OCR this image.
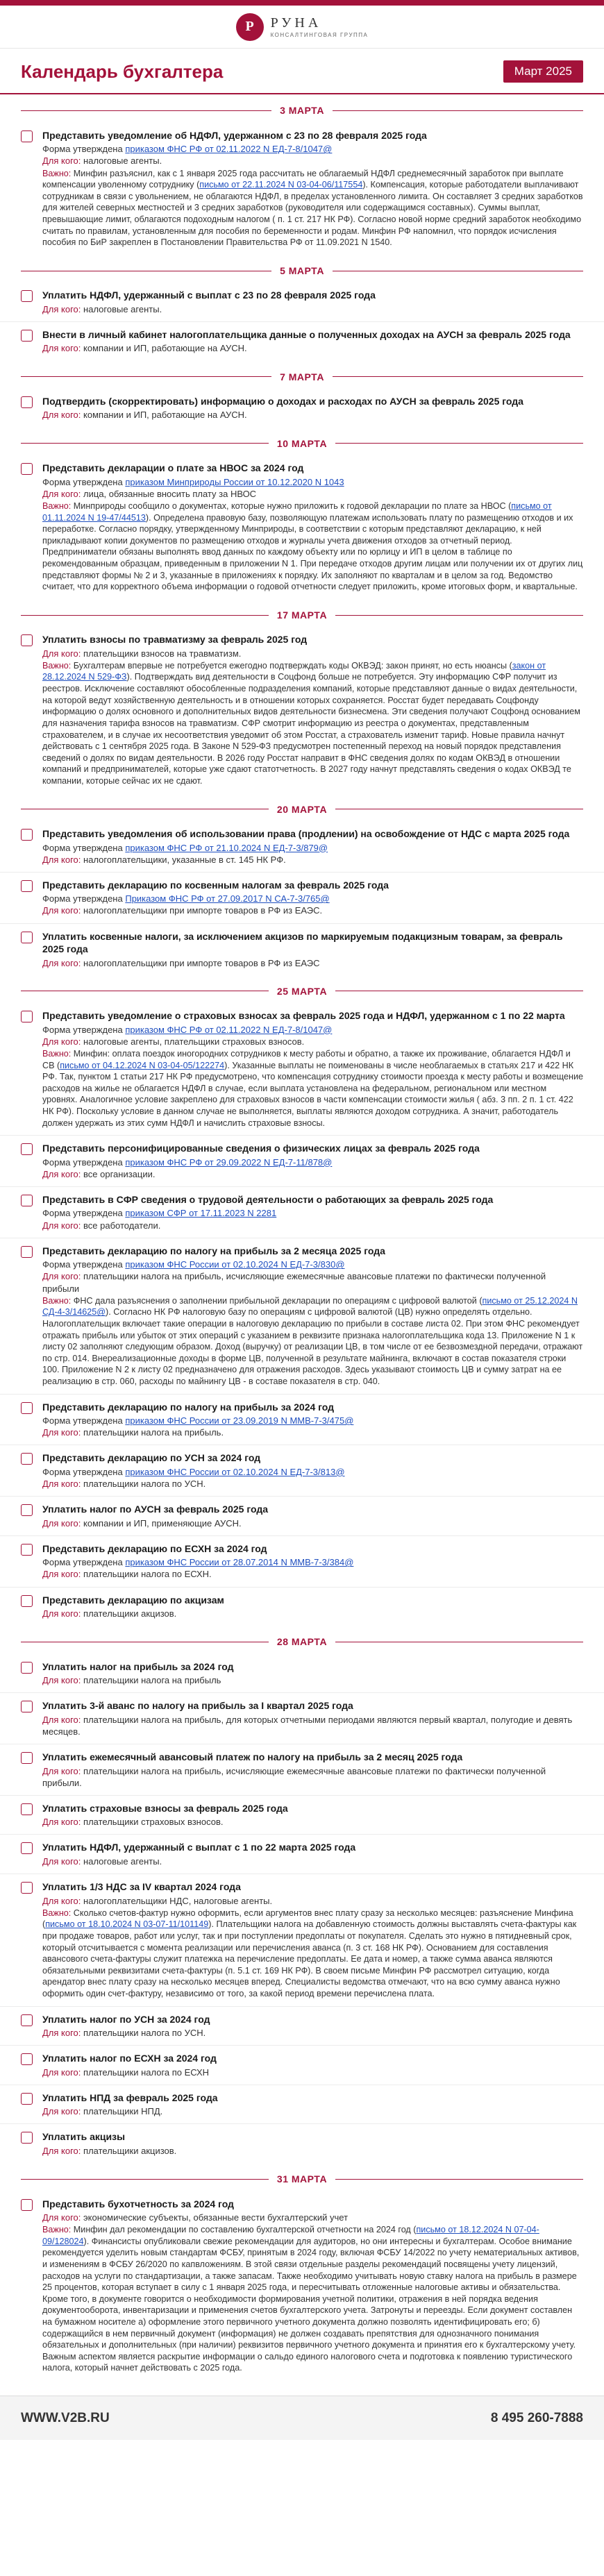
Р	РУНА
КОНСАЛТИНГОВАЯ ГРУППА
Календарь бухгалтера	Март 2025
3 МАРТА
Представить уведомление об НДФЛ, удержанном с 23 по 28 февраля 2025 года
Форма утверждена приказом ФНС РФ от 02.11.2022 N ЕД-7-8/1047@
Для кого: налоговые агенты.
Важно: Минфин разъяснил, как с 1 января 2025 года рассчитать не облагаемый НДФЛ среднемесячный заработок при выплате компенсации уволенному сотруднику (письмо от 22.11.2024 N 03-04-06/117554). Компенсация, которые работодатели выплачивают сотрудникам в связи с увольнением, не облагаются НДФЛ, в пределах установленного лимита. Он составляет 3 средних заработков для жителей северных местностей и 3 средних заработков (руководителя или содержащимся составных). Суммы выплат, превышающие лимит, облагаются подоходным налогом ( п. 1 ст. 217 НК РФ). Согласно новой норме средний заработок необходимо считать по правилам, установленным для пособия по беременности и родам. Минфин РФ напомнил, что порядок исчисления пособия по БиР закреплен в Постановлении Правительства РФ от 11.09.2021 N 1540.
5 МАРТА
Уплатить НДФЛ, удержанный с выплат с 23 по 28 февраля 2025 года
Для кого: налоговые агенты.
Внести в личный кабинет налогоплательщика данные о полученных доходах на АУСН за февраль 2025 года
Для кого: компании и ИП, работающие на АУСН.
7 МАРТА
Подтвердить (скорректировать) информацию о доходах и расходах по АУСН за февраль 2025 года
Для кого: компании и ИП, работающие на АУСН.
10 МАРТА
Представить декларации о плате за НВОС за 2024 год
Форма утверждена приказом Минприроды России от 10.12.2020 N 1043
Для кого: лица, обязанные вносить плату за НВОС
Важно: Минприроды сообщило о документах, которые нужно приложить к годовой декларации по плате за НВОС (письмо от 01.11.2024 N 19-47/44513). Определена правовую базу, позволяющую платежам использовать плату по размещению отходов и их переработке. Согласно порядку, утвержденному Минприроды, в соответствии с которым представляют декларацию, к ней прикладывают копии документов по размещению отходов и журналы учета движения отходов за отчетный период. Предприниматели обязаны выполнять ввод данных по каждому объекту или по юрлицу и ИП в целом в таблице по рекомендованным образцам, приведенным в приложении N 1. При передаче отходов другим лицам или получении их от других лиц представляют формы № 2 и 3, указанные в приложениях к порядку. Их заполняют по кварталам и в целом за год. Ведомство считает, что для корректного объема информации о годовой отчетности следует приложить, кроме итоговых форм, и квартальные.
17 МАРТА
Уплатить взносы по травматизму за февраль 2025 год
Для кого: плательщики взносов на травматизм.
Важно: Бухгалтерам впервые не потребуется ежегодно подтверждать коды ОКВЭД: закон принят, но есть нюансы (закон от 28.12.2024 N 529-ФЗ). Подтверждать вид деятельности в Соцфонд больше не потребуется. Эту информацию СФР получит из реестров. Исключение составляют обособленные подразделения компаний, которые представляют данные о видах деятельности, на которой ведут хозяйственную деятельность и в отношении которых сохраняется. Росстат будет передавать Соцфонду информацию о долях основного и дополнительных видов деятельности бизнесмена. Эти сведения получают Соцфонд основанием для назначения тарифа взносов на травматизм. СФР смотрит информацию из реестра о документах, представленным страхователем, и в случае их несоответствия уведомит об этом Росстат, а страхователь изменит тариф. Новые правила начнут действовать с 1 сентября 2025 года. В Законе N 529-ФЗ предусмотрен постепенный переход на новый порядок представления сведений о долях по видам деятельности. В 2026 году Росстат направит в ФНС сведения долях по кодам ОКВЭД в отношении компаний и предпринимателей, которые уже сдают статотчетность. В 2027 году начнут представлять сведения о кодах ОКВЭД те компании, которые сейчас их не сдают.
20 МАРТА
Представить уведомления об использовании права (продлении) на освобождение от НДС с марта 2025 года
Форма утверждена приказом ФНС РФ от 21.10.2024 N ЕД-7-3/879@
Для кого: налогоплательщики, указанные в ст. 145 НК РФ.
Представить декларацию по косвенным налогам за февраль 2025 года
Форма утверждена Приказом ФНС РФ от 27.09.2017 N СА-7-3/765@
Для кого: налогоплательщики при импорте товаров в РФ из ЕАЭС.
Уплатить косвенные налоги, за исключением акцизов по маркируемым подакцизным товарам, за февраль 2025 года
Для кого: налогоплательщики при импорте товаров в РФ из ЕАЭС
25 МАРТА
Представить уведомление о страховых взносах за февраль 2025 года и НДФЛ, удержанном с 1 по 22 марта
Форма утверждена приказом ФНС РФ от 02.11.2022 N ЕД-7-8/1047@
Для кого: налоговые агенты, плательщики страховых взносов.
Важно: Минфин: оплата поездок иногородних сотрудников к месту работы и обратно, а также их проживание, облагается НДФЛ и СВ (письмо от 04.12.2024 N 03-04-05/122274). Указанные выплаты не поименованы в числе необлагаемых в статьях 217 и 422 НК РФ. Так, пунктом 1 статьи 217 НК РФ предусмотрено, что компенсация сотруднику стоимости проезда к месту работы и возмещение расходов на жилье не облагается НДФЛ в случае, если выплата установлена на федеральном, региональном или местном уровнях. Аналогичное условие закреплено для страховых взносов в части компенсации стоимости жилья ( абз. 3 пп. 2 п. 1 ст. 422 НК РФ). Поскольку условие в данном случае не выполняется, выплаты являются доходом сотрудника. А значит, работодатель должен удержать из этих сумм НДФЛ и начислить страховые взносы.
Представить персонифицированные сведения о физических лицах за февраль 2025 года
Форма утверждена приказом ФНС РФ от 29.09.2022 N ЕД-7-11/878@
Для кого: все организации.
Представить в СФР сведения о трудовой деятельности о работающих за февраль 2025 года
Форма утверждена приказом СФР от 17.11.2023 N 2281
Для кого: все работодатели.
Представить декларацию по налогу на прибыль за 2 месяца 2025 года
Форма утверждена приказом ФНС России от 02.10.2024 N ЕД-7-3/830@
Для кого: плательщики налога на прибыль, исчисляющие ежемесячные авансовые платежи по фактически полученной прибыли
Важно: ФНС дала разъяснения о заполнении прибыльной декларации по операциям с цифровой валютой (письмо от 25.12.2024 N СД-4-3/14625@). Согласно НК РФ налоговую базу по операциям с цифровой валютой (ЦВ) нужно определять отдельно. Налогоплательщик включает такие операции в налоговую декларацию по прибыли в составе листа 02. При этом ФНС рекомендует отражать прибыль или убыток от этих операций с указанием в реквизите признака налогоплательщика кода 13. Приложение N 1 к листу 02 заполняют следующим образом. Доход (выручку) от реализации ЦВ, в том числе от ее безвозмездной передачи, отражают по стр. 014. Внереализационные доходы в форме ЦВ, полученной в результате майнинга, включают в состав показателя строки 100. Приложение N 2 к листу 02 предназначено для отражения расходов. Здесь указывают стоимость ЦВ и сумму затрат на ее реализацию в стр. 060, расходы по майнингу ЦВ - в составе показателя в стр. 040.
Представить декларацию по налогу на прибыль за 2024 год
Форма утверждена приказом ФНС России от 23.09.2019 N ММВ-7-3/475@
Для кого: плательщики налога на прибыль.
Представить декларацию по УСН за 2024 год
Форма утверждена приказом ФНС России от 02.10.2024 N ЕД-7-3/813@
Для кого: плательщики налога по УСН.
Уплатить налог по АУСН за февраль 2025 года
Для кого: компании и ИП, применяющие АУСН.
Представить декларацию по ЕСХН за 2024 год
Форма утверждена приказом ФНС России от 28.07.2014 N ММВ-7-3/384@
Для кого: плательщики налога по ЕСХН.
Представить декларацию по акцизам
Для кого: плательщики акцизов.
28 МАРТА
Уплатить налог на прибыль за 2024 год
Для кого: плательщики налога на прибыль
Уплатить 3-й аванс по налогу на прибыль за I квартал 2025 года
Для кого: плательщики налога на прибыль, для которых отчетными периодами являются первый квартал, полугодие и девять месяцев.
Уплатить ежемесячный авансовый платеж по налогу на прибыль за 2 месяц 2025 года
Для кого: плательщики налога на прибыль, исчисляющие ежемесячные авансовые платежи по фактически полученной прибыли.
Уплатить страховые взносы за февраль 2025 года
Для кого: плательщики страховых взносов.
Уплатить НДФЛ, удержанный с выплат с 1 по 22 марта 2025 года
Для кого: налоговые агенты.
Уплатить 1/3 НДС за IV квартал 2024 года
Для кого: налогоплательщики НДС, налоговые агенты.
Важно: Сколько счетов-фактур нужно оформить, если аргументов внес плату сразу за несколько месяцев: разъяснение Минфина (письмо от 18.10.2024 N 03-07-11/101149). Плательщики налога на добавленную стоимость должны выставлять счета-фактуры как при продаже товаров, работ или услуг, так и при поступлении предоплаты от покупателя. Сделать это нужно в пятидневный срок, который отсчитывается с момента реализации или перечисления аванса (п. 3 ст. 168 НК РФ). Основанием для составления авансового счета-фактуры служит платежка на перечисление предоплаты. Ее дата и номер, а также сумма аванса являются обязательными реквизитами счета-фактуры (п. 5.1 ст. 169 НК РФ). В своем письме Минфин РФ рассмотрел ситуацию, когда арендатор внес плату сразу на несколько месяцев вперед. Специалисты ведомства отмечают, что на всю сумму аванса нужно оформить один счет-фактуру, независимо от того, за какой период времени перечислена плата.
Уплатить налог по УСН за 2024 год
Для кого: плательщики налога по УСН.
Уплатить налог по ЕСХН за 2024 год
Для кого: плательщики налога по ЕСХН
Уплатить НПД за февраль 2025 года
Для кого: плательщики НПД.
Уплатить акцизы
Для кого: плательщики акцизов.
31 МАРТА
Представить бухотчетность за 2024 год
Для кого: экономические субъекты, обязанные вести бухгалтерский учет
Важно: Минфин дал рекомендации по составлению бухгалтерской отчетности на 2024 год (письмо от 18.12.2024 N 07-04-09/128024). Финансисты опубликовали свежие рекомендации для аудиторов, но они интересны и бухгалтерам. Особое внимание рекомендуется уделить новым стандартам ФСБУ, принятым в 2024 году, включая ФСБУ 14/2022 по учету нематериальных активов, и изменениям в ФСБУ 26/2020 по капвложениям. В этой связи отдельные разделы рекомендаций посвящены учету лицензий, расходов на услуги по стандартизации, а также запасам. Также необходимо учитывать новую ставку налога на прибыль в размере 25 процентов, которая вступает в силу с 1 января 2025 года, и пересчитывать отложенные налоговые активы и обязательства. Кроме того, в документе говорится о необходимости формирования учетной политики, отражения в ней порядка ведения документооборота, инвентаризации и применения счетов бухгалтерского учета. Затронуты и переезды. Если документ составлен на бумажном носителе а) оформление этого первичного учетного документа должно позволять идентифицировать его; б) содержащийся в нем первичный документ (информация) не должен создавать препятствия для однозначного понимания обязательных и дополнительных (при наличии) реквизитов первичного учетного документа и принятия его к бухгалтерскому учету. Важным аспектом является раскрытие информации о сальдо единого налогового счета и подготовка к появлению туристического налога, который начнет действовать с 2025 года.
WWW.V2B.RU	8 495 260-7888
